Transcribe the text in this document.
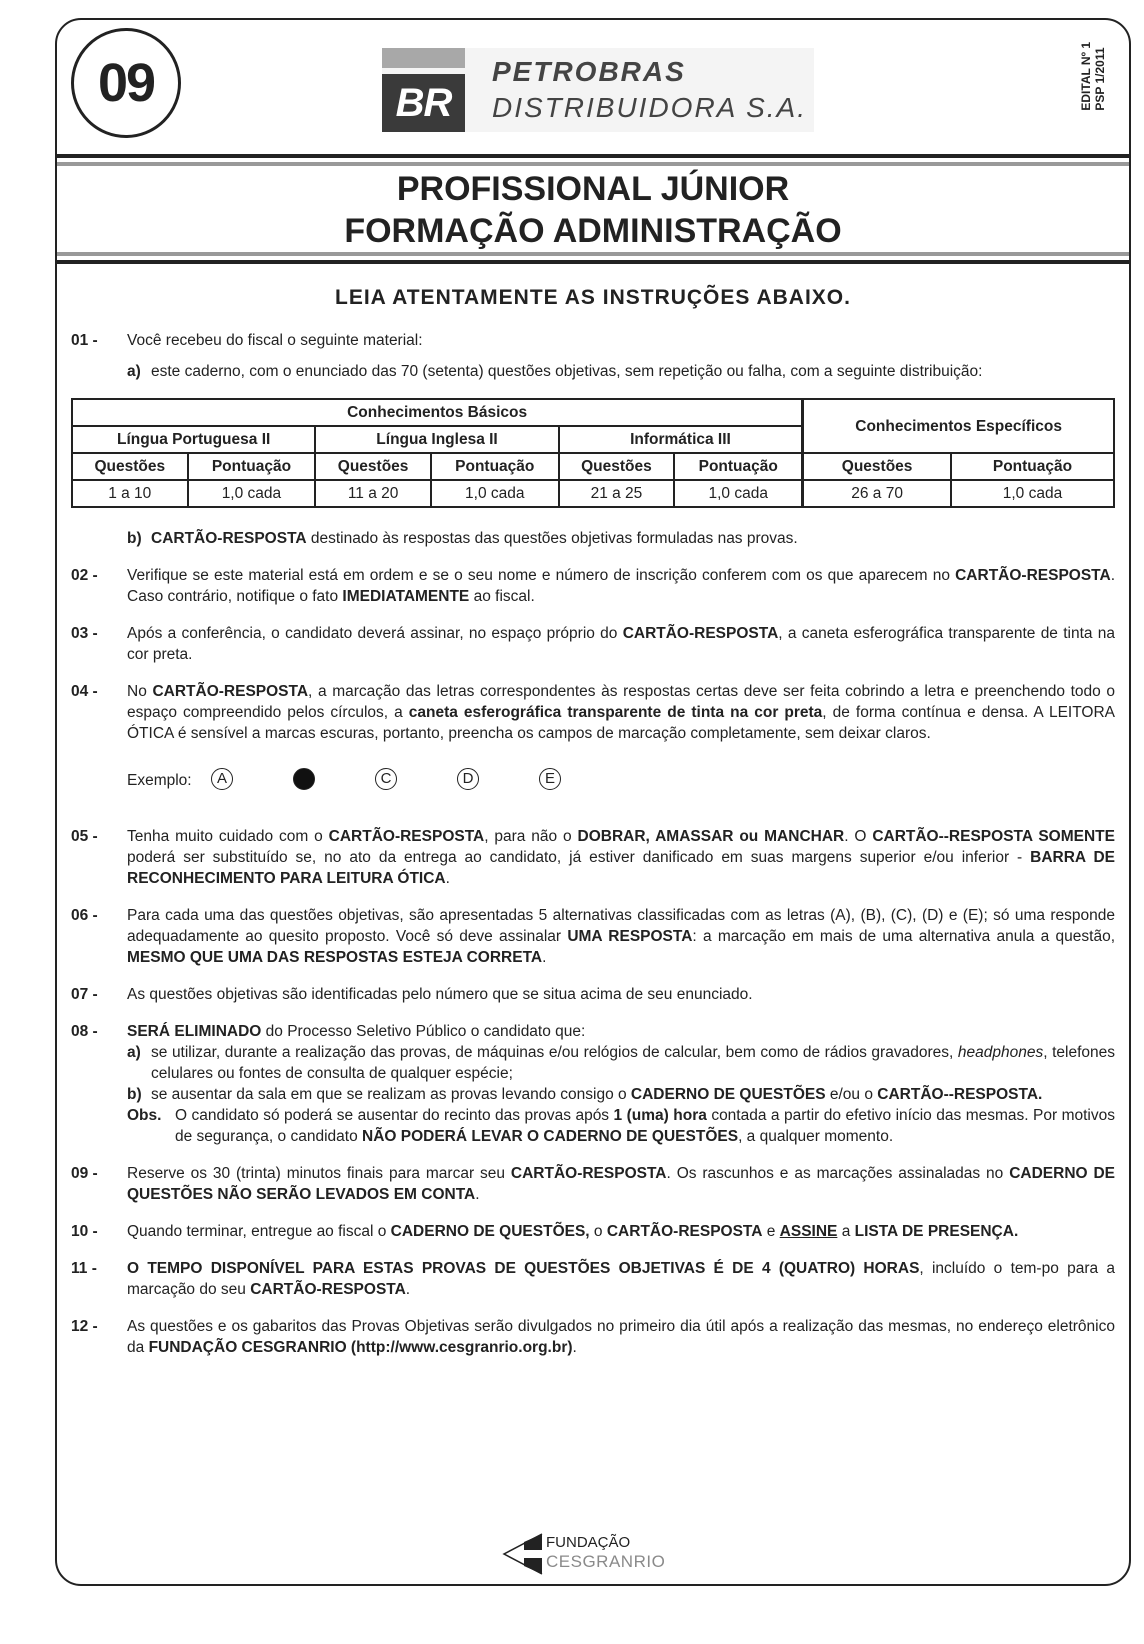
09	BR
PETROBRAS
DISTRIBUIDORA S.A.	EDITAL Nº 1 PSP 1/2011
PROFISSIONAL JÚNIOR
FORMAÇÃO ADMINISTRAÇÃO
LEIA ATENTAMENTE AS INSTRUÇÕES ABAIXO.
01 -	Você recebeu do fiscal o seguinte material:
a) este caderno, com o enunciado das 70 (setenta) questões objetivas, sem repetição ou falha, com a seguinte distribuição:
Conhecimentos Básicos						Conhecimentos Específicos	
Língua Portuguesa II		Língua Inglesa II		Informática III			
Questões	Pontuação	Questões	Pontuação	Questões	Pontuação	Questões	Pontuação
1 a 10	1,0 cada	11 a 20	1,0 cada	21 a 25	1,0 cada	26 a 70	1,0 cada
b) CARTÃO-RESPOSTA destinado às respostas das questões objetivas formuladas nas provas.
02 -	Verifique se este material está em ordem e se o seu nome e número de inscrição conferem com os que aparecem no CARTÃO-RESPOSTA. Caso contrário, notifique o fato IMEDIATAMENTE ao fiscal.
03 -	Após a conferência, o candidato deverá assinar, no espaço próprio do CARTÃO-RESPOSTA, a caneta esferográfica transparente de tinta na cor preta.
04 -	No CARTÃO-RESPOSTA, a marcação das letras correspondentes às respostas certas deve ser feita cobrindo a letra e preenchendo todo o espaço compreendido pelos círculos, a caneta esferográfica transparente de tinta na cor preta, de forma contínua e densa. A LEITORA ÓTICA é sensível a marcas escuras, portanto, preencha os campos de marcação completamente, sem deixar claros.
Exemplo:	A	C	D	E
05 -	Tenha muito cuidado com o CARTÃO-RESPOSTA, para não o DOBRAR, AMASSAR ou MANCHAR. O CARTÃO--RESPOSTA SOMENTE poderá ser substituído se, no ato da entrega ao candidato, já estiver danificado em suas margens superior e/ou inferior - BARRA DE RECONHECIMENTO PARA LEITURA ÓTICA.
06 -	Para cada uma das questões objetivas, são apresentadas 5 alternativas classificadas com as letras (A), (B), (C), (D) e (E); só uma responde adequadamente ao quesito proposto. Você só deve assinalar UMA RESPOSTA: a marcação em mais de uma alternativa anula a questão, MESMO QUE UMA DAS RESPOSTAS ESTEJA CORRETA.
07 -	As questões objetivas são identificadas pelo número que se situa acima de seu enunciado.
08 -	SERÁ ELIMINADO do Processo Seletivo Público o candidato que:
a) se utilizar, durante a realização das provas, de máquinas e/ou relógios de calcular, bem como de rádios gravadores, headphones, telefones celulares ou fontes de consulta de qualquer espécie;
b) se ausentar da sala em que se realizam as provas levando consigo o CADERNO DE QUESTÕES e/ou o CARTÃO--RESPOSTA.
Obs. O candidato só poderá se ausentar do recinto das provas após 1 (uma) hora contada a partir do efetivo início das mesmas. Por motivos de segurança, o candidato NÃO PODERÁ LEVAR O CADERNO DE QUESTÕES, a qualquer momento.
09 -	Reserve os 30 (trinta) minutos finais para marcar seu CARTÃO-RESPOSTA. Os rascunhos e as marcações assinaladas no CADERNO DE QUESTÕES NÃO SERÃO LEVADOS EM CONTA.
10 -	Quando terminar, entregue ao fiscal o CADERNO DE QUESTÕES, o CARTÃO-RESPOSTA e ASSINE a LISTA DE PRESENÇA.
11 -	O TEMPO DISPONÍVEL PARA ESTAS PROVAS DE QUESTÕES OBJETIVAS É DE 4 (QUATRO) HORAS, incluído o tem-po para a marcação do seu CARTÃO-RESPOSTA.
12 -	As questões e os gabaritos das Provas Objetivas serão divulgados no primeiro dia útil após a realização das mesmas, no endereço eletrônico da FUNDAÇÃO CESGRANRIO (http://www.cesgranrio.org.br).
FUNDAÇÃO
CESGRANRIO
